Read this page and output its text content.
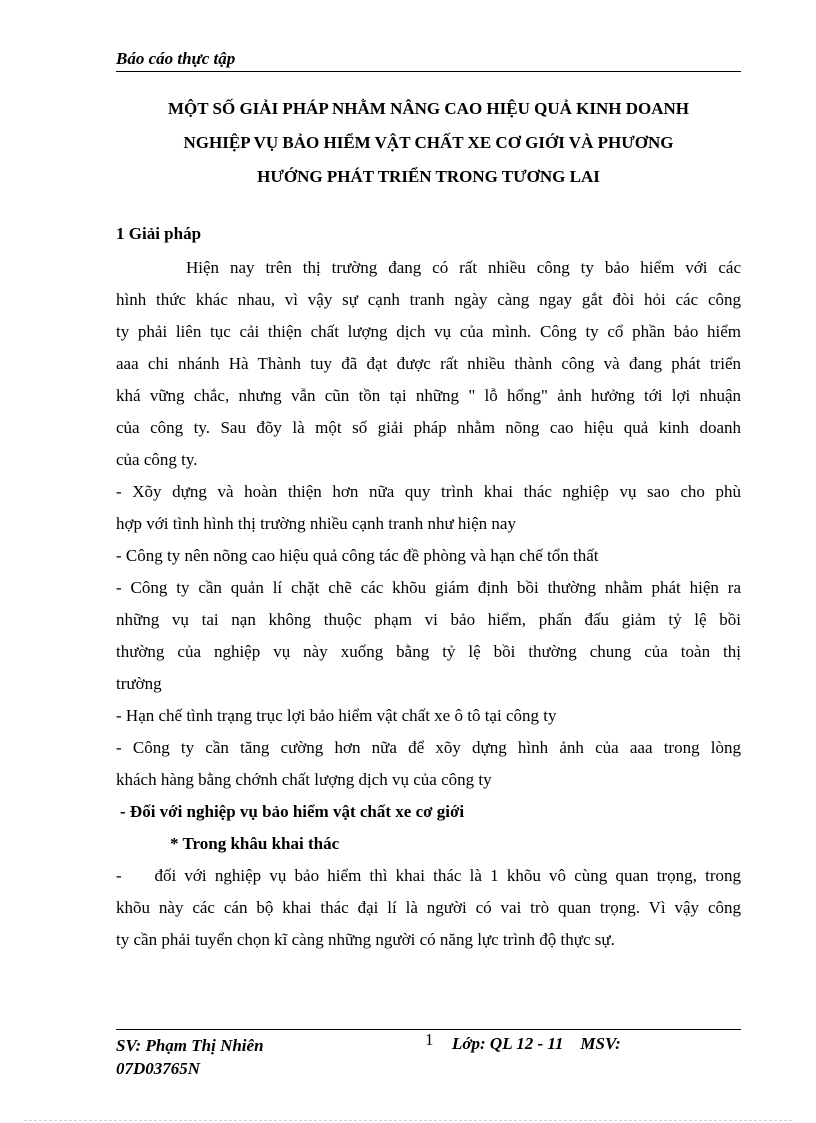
Báo cáo thực tập
MỘT SỐ GIẢI PHÁP NHẰM NÂNG CAO HIỆU QUẢ KINH DOANH
NGHIỆP VỤ BẢO HIỂM VẬT CHẤT XE CƠ GIỚI VÀ PHƯƠNG
HƯỚNG PHÁT TRIỂN TRONG TƯƠNG LAI
1 Giải pháp
Hiện nay trên thị trường đang có rất nhiều công ty bảo hiểm với các
hình thức khác nhau, vì vậy sự cạnh tranh ngày càng ngay gắt đòi hỏi các công
ty phải liên tục cải thiện chất lượng dịch vụ của mình. Công ty cổ phần bảo hiểm
aaa chi nhánh Hà Thành tuy đã đạt được rất nhiều thành công và đang phát triển
khá vững chắc, nhưng vẫn cũn tồn tại những " lỗ hổng" ảnh hưởng tới lợi nhuận
của công ty. Sau đõy là một số giải pháp nhằm nõng cao hiệu quả kinh doanh
của công ty.
- Xõy dựng và hoàn thiện hơn nữa quy trình khai thác nghiệp vụ sao cho phù
hợp với tình hình thị trường nhiều cạnh tranh như hiện nay
- Công ty nên nõng cao hiệu quả công tác đề phòng và hạn chế tổn thất
- Công ty cần quản lí chặt chẽ các khõu giám định bồi thường nhằm phát hiện ra
những vụ tai nạn không thuộc phạm vi bảo hiểm, phấn đấu giảm tỷ lệ bồi
thường của nghiệp vụ này xuống bằng tỷ lệ bồi thường chung của toàn thị
trường
- Hạn chế tình trạng trục lợi bảo hiểm vật chất xe ô tô tại công ty
- Công ty cần tăng cường hơn nữa để xõy dựng hình ảnh của aaa trong lòng
khách hàng bằng chớnh chất lượng dịch vụ của công ty
- Đối với nghiệp vụ bảo hiểm vật chất xe cơ giới
* Trong khâu khai thác
-    đối với nghiệp vụ bảo hiểm thì khai thác là 1 khõu vô cùng quan trọng, trong
khõu này các cán bộ khai thác đại lí là người có vai trò quan trọng. Vì vậy công
ty cần phải tuyển chọn kĩ càng những người có năng lực trình độ thực sự.
SV: Phạm Thị Nhiên
07D03765N
1 Lớp: QL 12 - 11    MSV:
